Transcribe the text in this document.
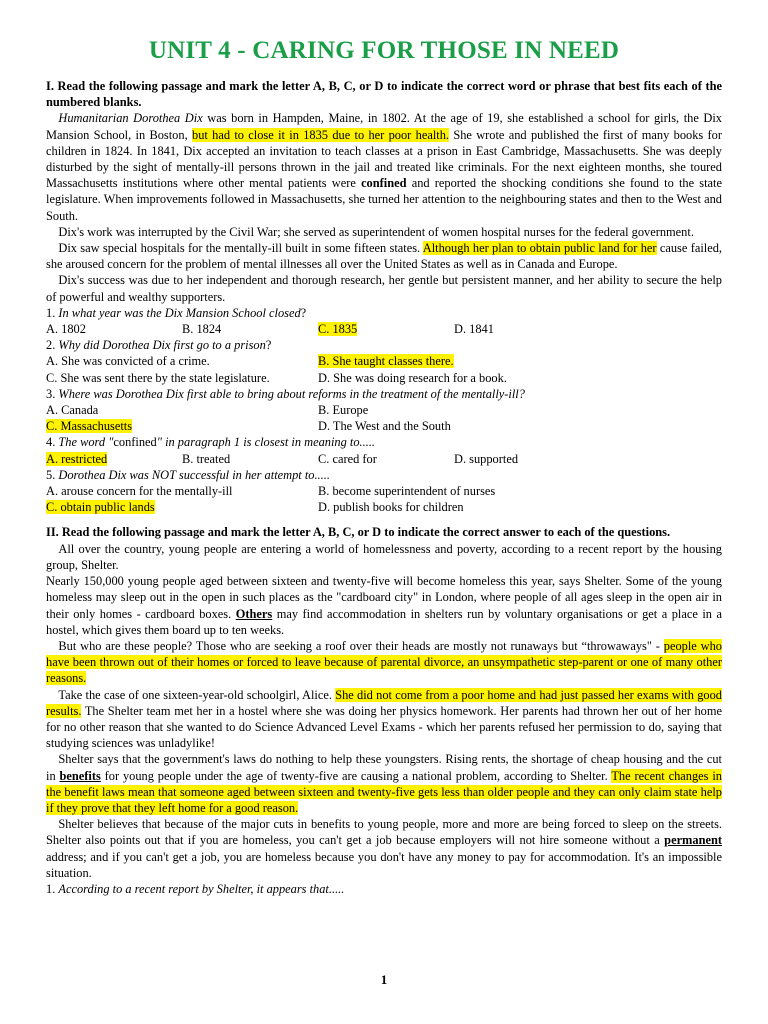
UNIT 4 - CARING FOR THOSE IN NEED

I. Read the following passage and mark the letter A, B, C, or D to indicate the correct word or phrase that best fits each of the numbered blanks.

Humanitarian Dorothea Dix was born in Hampden, Maine, in 1802. At the age of 19, she established a school for girls, the Dix Mansion School, in Boston, but had to close it in 1835 due to her poor health. She wrote and published the first of many books for children in 1824. In 1841, Dix accepted an invitation to teach classes at a prison in East Cambridge, Massachusetts. She was deeply disturbed by the sight of mentally-ill persons thrown in the jail and treated like criminals. For the next eighteen months, she toured Massachusetts institutions where other mental patients were confined and reported the shocking conditions she found to the state legislature. When improvements followed in Massachusetts, she turned her attention to the neighbouring states and then to the West and South.

Dix's work was interrupted by the Civil War; she served as superintendent of women hospital nurses for the federal government.

Dix saw special hospitals for the mentally-ill built in some fifteen states. Although her plan to obtain public land for her cause failed, she aroused concern for the problem of mental illnesses all over the United States as well as in Canada and Europe.

Dix's success was due to her independent and thorough research, her gentle but persistent manner, and her ability to secure the help of powerful and wealthy supporters.

1. In what year was the Dix Mansion School closed?

A. 1802	B. 1824	C. 1835	D. 1841

2. Why did Dorothea Dix first go to a prison?

A. She was convicted of a crime.	B. She taught classes there.
C. She was sent there by the state legislature.	D. She was doing research for a book.

3. Where was Dorothea Dix first able to bring about reforms in the treatment of the mentally-ill?

A. Canada	B. Europe
C. Massachusetts	D. The West and the South

4. The word "confined" in paragraph 1 is closest in meaning to.....

A. restricted	B. treated	C. cared for	D. supported

5. Dorothea Dix was NOT successful in her attempt to.....

A. arouse concern for the mentally-ill	B. become superintendent of nurses
C. obtain public lands	D. publish books for children

II. Read the following passage and mark the letter A, B, C, or D to indicate the correct answer to each of the questions.

All over the country, young people are entering a world of homelessness and poverty, according to a recent report by the housing group, Shelter.

Nearly 150,000 young people aged between sixteen and twenty-five will become homeless this year, says Shelter. Some of the young homeless may sleep out in the open in such places as the "cardboard city" in London, where people of all ages sleep in the open air in their only homes - cardboard boxes. Others may find accommodation in shelters run by voluntary organisations or get a place in a hostel, which gives them board up to ten weeks.

But who are these people? Those who are seeking a roof over their heads are mostly not runaways but “throwaways" - people who have been thrown out of their homes or forced to leave because of parental divorce, an unsympathetic step-parent or one of many other reasons.

Take the case of one sixteen-year-old schoolgirl, Alice. She did not come from a poor home and had just passed her exams with good results. The Shelter team met her in a hostel where she was doing her physics homework. Her parents had thrown her out of her home for no other reason that she wanted to do Science Advanced Level Exams - which her parents refused her permission to do, saying that studying sciences was unladylike!

Shelter says that the government's laws do nothing to help these youngsters. Rising rents, the shortage of cheap housing and the cut in benefits for young people under the age of twenty-five are causing a national problem, according to Shelter. The recent changes in the benefit laws mean that someone aged between sixteen and twenty-five gets less than older people and they can only claim state help if they prove that they left home for a good reason.

Shelter believes that because of the major cuts in benefits to young people, more and more are being forced to sleep on the streets. Shelter also points out that if you are homeless, you can't get a job because employers will not hire someone without a permanent address; and if you can't get a job, you are homeless because you don't have any money to pay for accommodation. It's an impossible situation.

1. According to a recent report by Shelter, it appears that.....

1
